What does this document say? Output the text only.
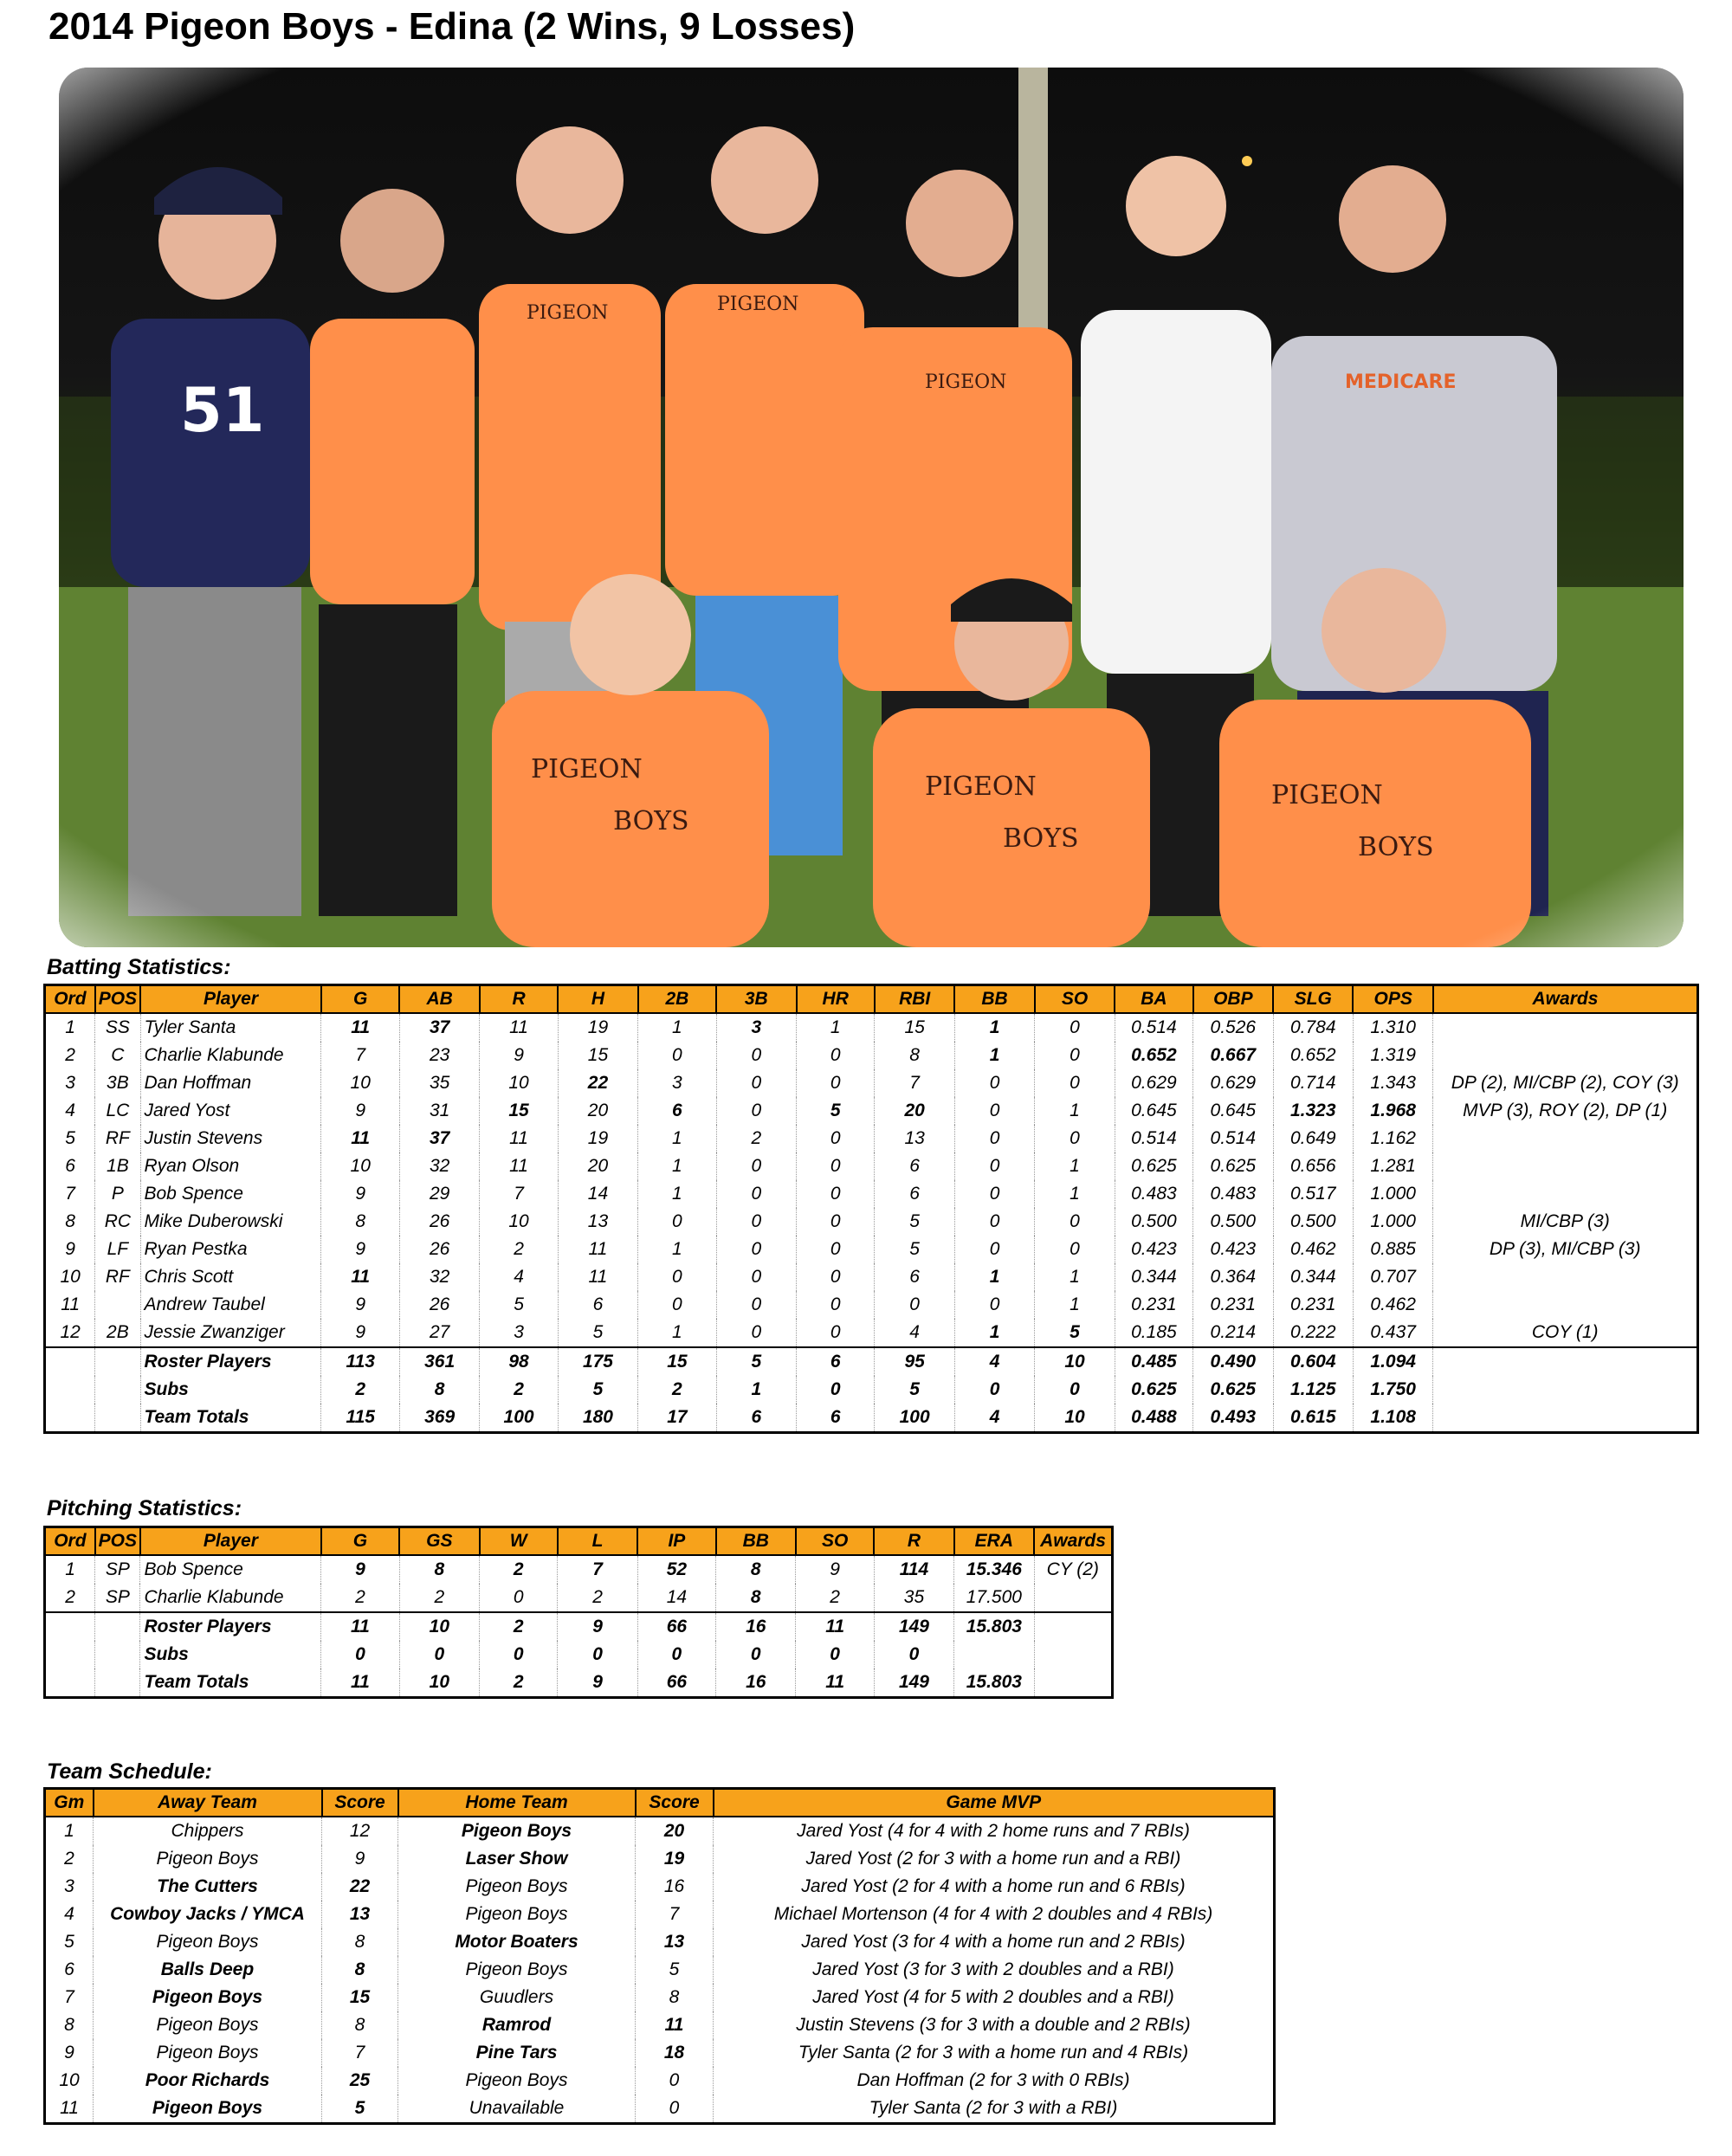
2014 Pigeon Boys - Edina (2 Wins, 9 Losses)
Batting Statistics:
Ord	POS	Player	G	AB	R	H	2B	3B	HR	RBI	BB	SO	BA	OBP	SLG	OPS	Awards
1	SS	Tyler Santa	11	37	11	19	1	3	1	15	1	0	0.514	0.526	0.784	1.310	
2	C	Charlie Klabunde	7	23	9	15	0	0	0	8	1	0	0.652	0.667	0.652	1.319	
3	3B	Dan Hoffman	10	35	10	22	3	0	0	7	0	0	0.629	0.629	0.714	1.343	DP (2), MI/CBP (2), COY (3)
4	LC	Jared Yost	9	31	15	20	6	0	5	20	0	1	0.645	0.645	1.323	1.968	MVP (3), ROY (2), DP (1)
5	RF	Justin Stevens	11	37	11	19	1	2	0	13	0	0	0.514	0.514	0.649	1.162	
6	1B	Ryan Olson	10	32	11	20	1	0	0	6	0	1	0.625	0.625	0.656	1.281	
7	P	Bob Spence	9	29	7	14	1	0	0	6	0	1	0.483	0.483	0.517	1.000	
8	RC	Mike Duberowski	8	26	10	13	0	0	0	5	0	0	0.500	0.500	0.500	1.000	MI/CBP (3)
9	LF	Ryan Pestka	9	26	2	11	1	0	0	5	0	0	0.423	0.423	0.462	0.885	DP (3), MI/CBP (3)
10	RF	Chris Scott	11	32	4	11	0	0	0	6	1	1	0.344	0.364	0.344	0.707	
11		Andrew Taubel	9	26	5	6	0	0	0	0	0	1	0.231	0.231	0.231	0.462	
12	2B	Jessie Zwanziger	9	27	3	5	1	0	0	4	1	5	0.185	0.214	0.222	0.437	COY (1)
		Roster Players	113	361	98	175	15	5	6	95	4	10	0.485	0.490	0.604	1.094	
		Subs	2	8	2	5	2	1	0	5	0	0	0.625	0.625	1.125	1.750	
		Team Totals	115	369	100	180	17	6	6	100	4	10	0.488	0.493	0.615	1.108	
Pitching Statistics:
Ord	POS	Player	G	GS	W	L	IP	BB	SO	R	ERA	Awards
1	SP	Bob Spence	9	8	2	7	52	8	9	114	15.346	CY (2)
2	SP	Charlie Klabunde	2	2	0	2	14	8	2	35	17.500	
		Roster Players	11	10	2	9	66	16	11	149	15.803	
		Subs	0	0	0	0	0	0	0	0		
		Team Totals	11	10	2	9	66	16	11	149	15.803	
Team Schedule:
Gm	Away Team	Score	Home Team	Score	Game MVP
1	Chippers	12	Pigeon Boys	20	Jared Yost (4 for 4 with 2 home runs and 7 RBIs)
2	Pigeon Boys	9	Laser Show	19	Jared Yost (2 for 3 with a home run and a RBI)
3	The Cutters	22	Pigeon Boys	16	Jared Yost (2 for 4 with a home run and 6 RBIs)
4	Cowboy Jacks / YMCA	13	Pigeon Boys	7	Michael Mortenson (4 for 4 with 2 doubles and 4 RBIs)
5	Pigeon Boys	8	Motor Boaters	13	Jared Yost (3 for 4 with a home run and 2 RBIs)
6	Balls Deep	8	Pigeon Boys	5	Jared Yost (3 for 3 with 2 doubles and a RBI)
7	Pigeon Boys	15	Guudlers	8	Jared Yost (4 for 5 with 2 doubles and a RBI)
8	Pigeon Boys	8	Ramrod	11	Justin Stevens (3 for 3 with a double and 2 RBIs)
9	Pigeon Boys	7	Pine Tars	18	Tyler Santa (2 for 3 with a home run and 4 RBIs)
10	Poor Richards	25	Pigeon Boys	0	Dan Hoffman (2 for 3 with 0 RBIs)
11	Pigeon Boys	5	Unavailable	0	Tyler Santa (2 for 3 with a RBI)
